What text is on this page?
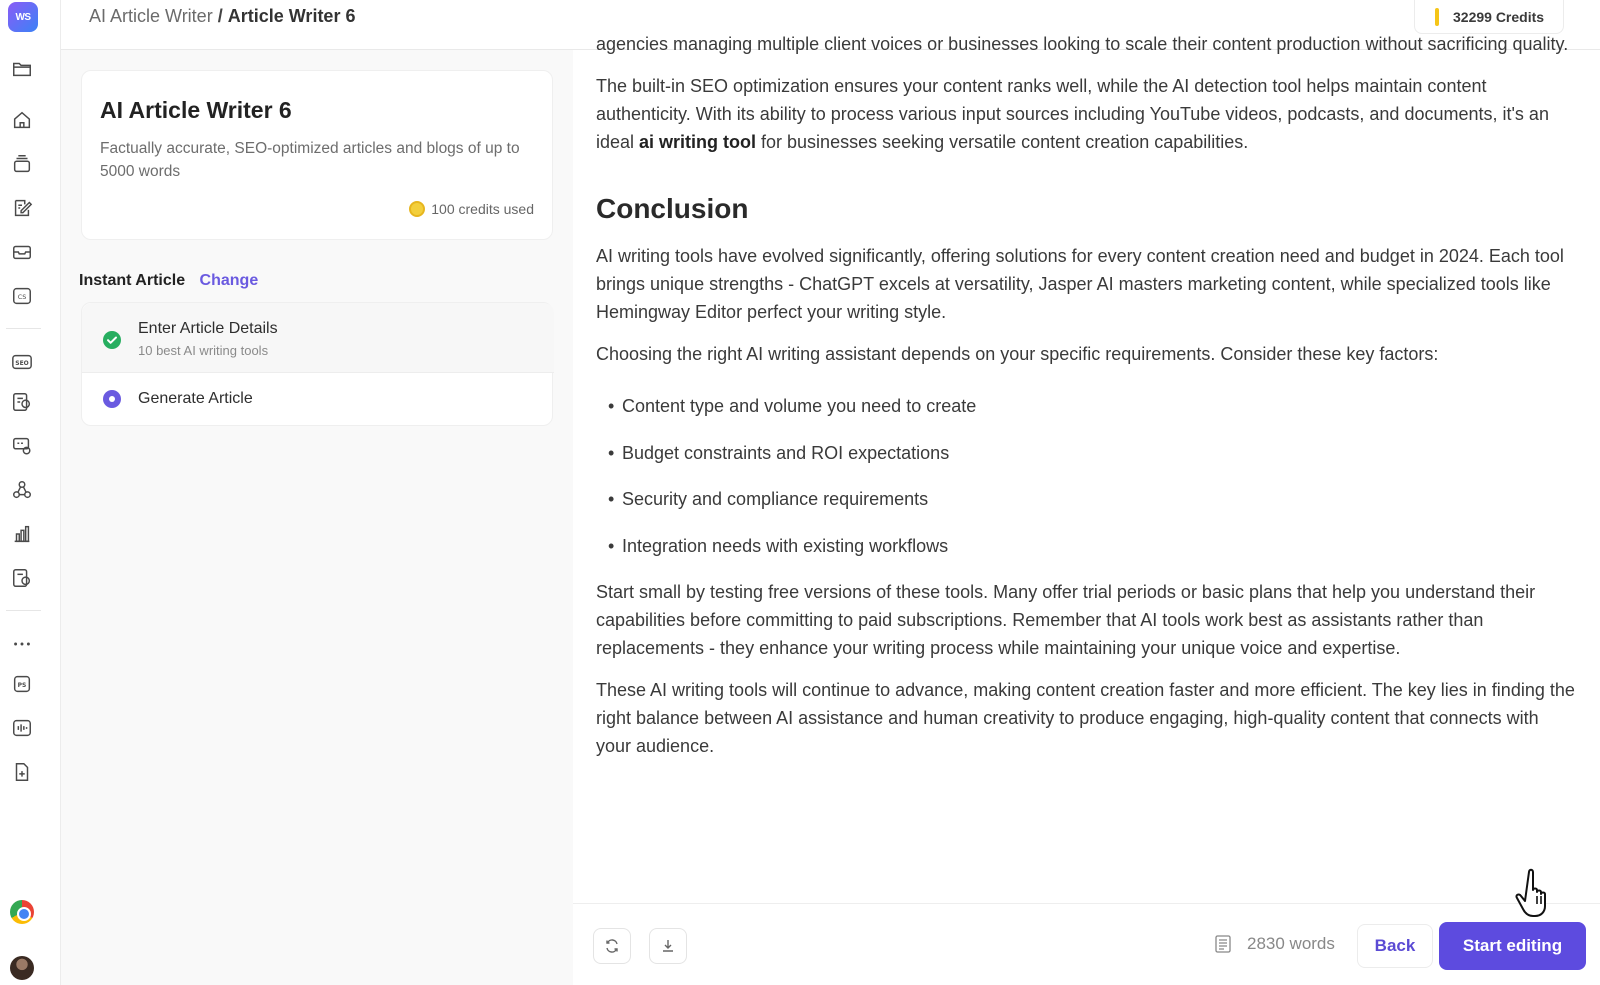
WS
CS
SEO
PS
AI Article Writer / Article Writer 6	32299 Credits
AI Article Writer 6
Factually accurate, SEO-optimized articles and blogs of up to 5000 words
100 credits used
Instant Article Change
Enter Article Details
10 best AI writing tools
Generate Article

agencies managing multiple client voices or businesses looking to scale their content production without sacrificing quality.

The built-in SEO optimization ensures your content ranks well, while the AI detection tool helps maintain content authenticity. With its ability to process various input sources including YouTube videos, podcasts, and documents, it's an ideal ai writing tool for businesses seeking versatile content creation capabilities.

Conclusion

AI writing tools have evolved significantly, offering solutions for every content creation need and budget in 2024. Each tool brings unique strengths - ChatGPT excels at versatility, Jasper AI masters marketing content, while specialized tools like Hemingway Editor perfect your writing style.

Choosing the right AI writing assistant depends on your specific requirements. Consider these key factors:

• Content type and volume you need to create
• Budget constraints and ROI expectations
• Security and compliance requirements
• Integration needs with existing workflows

Start small by testing free versions of these tools. Many offer trial periods or basic plans that help you understand their capabilities before committing to paid subscriptions. Remember that AI tools work best as assistants rather than replacements - they enhance your writing process while maintaining your unique voice and expertise.

These AI writing tools will continue to advance, making content creation faster and more efficient. The key lies in finding the right balance between AI assistance and human creativity to produce engaging, high-quality content that connects with your audience.

2830 words	Back	Start editing
